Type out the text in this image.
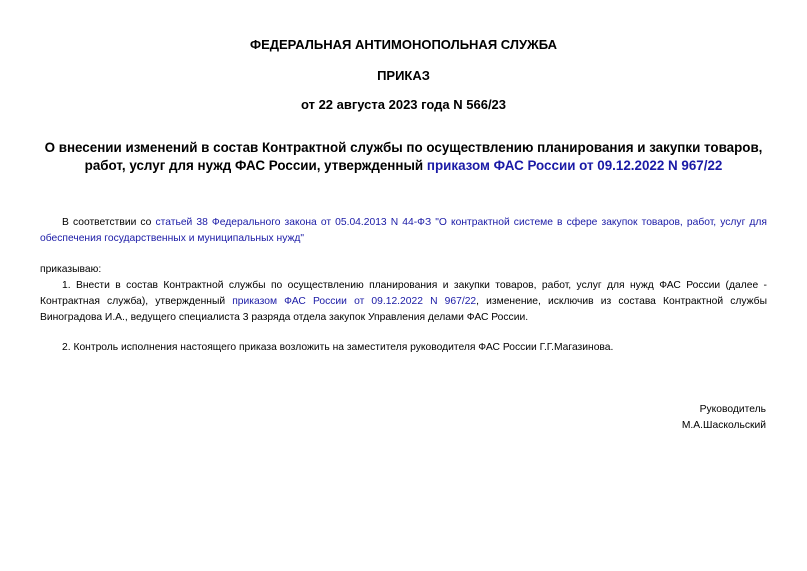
ФЕДЕРАЛЬНАЯ АНТИМОНОПОЛЬНАЯ СЛУЖБА
ПРИКАЗ
от 22 августа 2023 года N 566/23
О внесении изменений в состав Контрактной службы по осуществлению планирования и закупки товаров, работ, услуг для нужд ФАС России, утвержденный приказом ФАС России от 09.12.2022 N 967/22
В соответствии со статьей 38 Федерального закона от 05.04.2013 N 44-ФЗ "О контрактной системе в сфере закупок товаров, работ, услуг для обеспечения государственных и муниципальных нужд"
приказываю:
1. Внести в состав Контрактной службы по осуществлению планирования и закупки товаров, работ, услуг для нужд ФАС России (далее - Контрактная служба), утвержденный приказом ФАС России от 09.12.2022 N 967/22, изменение, исключив из состава Контрактной службы Виноградова И.А., ведущего специалиста 3 разряда отдела закупок Управления делами ФАС России.
2. Контроль исполнения настоящего приказа возложить на заместителя руководителя ФАС России Г.Г.Магазинова.
Руководитель
М.А.Шаскольский
